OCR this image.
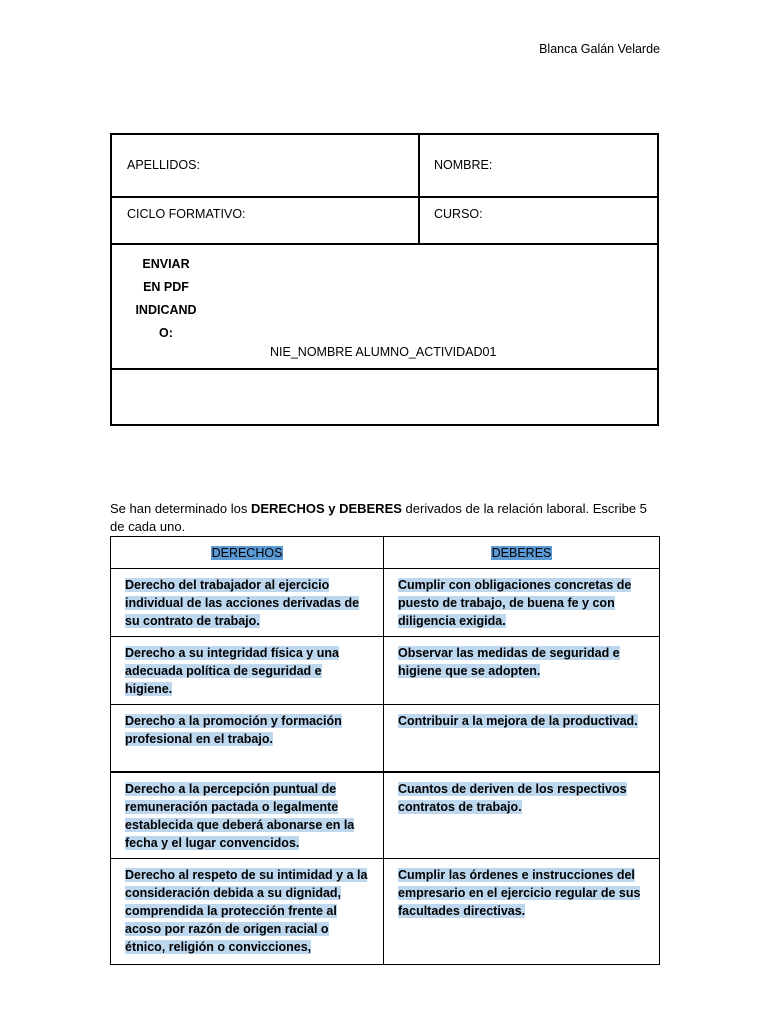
Blanca Galán Velarde
APELLIDOS:	NOMBRE:
CICLO FORMATIVO:	CURSO:
ENVIAR
EN PDF
INDICAND
O:
NIE_NOMBRE ALUMNO_ACTIVIDAD01
Se han determinado los DERECHOS y DEBERES derivados de la relación laboral. Escribe 5 de cada uno.
DERECHOS	DEBERES
Derecho del trabajador al ejercicio individual de las acciones derivadas de su contrato de trabajo.	Cumplir con obligaciones concretas de puesto de trabajo, de buena fe y con diligencia exigida.
Derecho a su integridad física y una adecuada política de seguridad e higiene.	Observar las medidas de seguridad e higiene que se adopten.
Derecho a la promoción y formación profesional en el trabajo.	Contribuir a la mejora de la productivad.
Derecho a la percepción puntual de remuneración pactada o legalmente establecida que deberá abonarse en la fecha y el lugar convencidos.	Cuantos de deriven de los respectivos contratos de trabajo.
Derecho al respeto de su intimidad y a la consideración debida a su dignidad, comprendida la protección frente al acoso por razón de origen racial o étnico, religión o convicciones,	Cumplir las órdenes e instrucciones del empresario en el ejercicio regular de sus facultades directivas.
